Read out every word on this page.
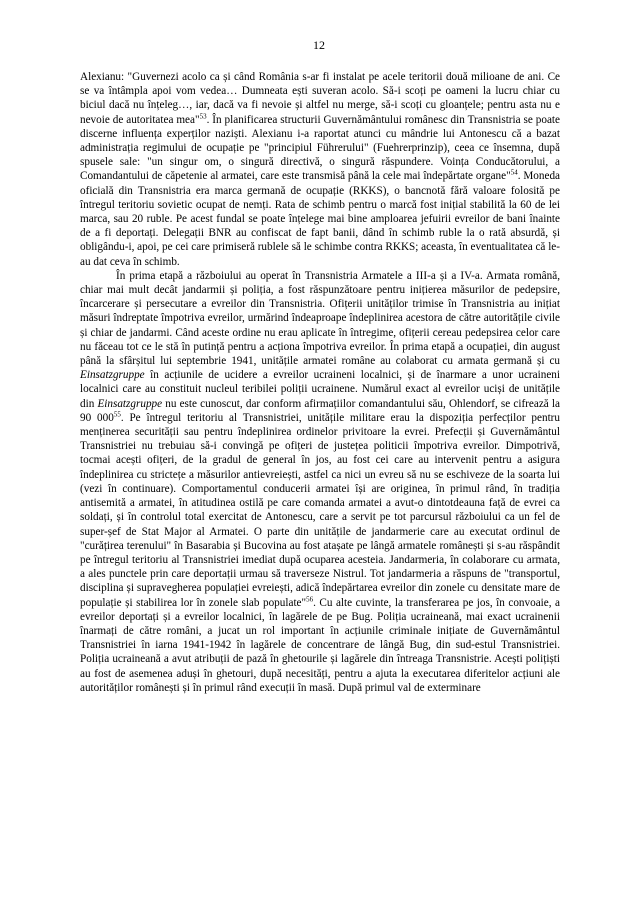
12

Alexianu: "Guvernezi acolo ca și când România s-ar fi instalat pe acele teritorii două milioane de ani. Ce se va întâmpla apoi vom vedea… Dumneata ești suveran acolo. Să-i scoți pe oameni la lucru chiar cu biciul dacă nu înțeleg…, iar, dacă va fi nevoie și altfel nu merge, să-i scoți cu gloanțele; pentru asta nu e nevoie de autoritatea mea"$^{53}$. În planificarea structurii Guvernământului românesc din Transnistria se poate discerne influența experților naziști. Alexianu i-a raportat atunci cu mândrie lui Antonescu că a bazat administrația regimului de ocupație pe "principiul Führerului" (Fuehrerprinzip), ceea ce însemna, după spusele sale: "un singur om, o singură directivă, o singură răspundere. Voința Conducătorului, a Comandantului de căpetenie al armatei, care este transmisă până la cele mai îndepărtate organe"$^{54}$. Moneda oficială din Transnistria era marca germană de ocupație (RKKS), o bancnotă fără valoare folosită pe întregul teritoriu sovietic ocupat de nemți. Rata de schimb pentru o marcă fost inițial stabilită la 60 de lei marca, sau 20 ruble. Pe acest fundal se poate înțelege mai bine amploarea jefuirii evreilor de bani înainte de a fi deportați. Delegații BNR au confiscat de fapt banii, dând în schimb ruble la o rată absurdă, și obligându-i, apoi, pe cei care primiseră rublele să le schimbe contra RKKS; aceasta, în eventualitatea că le-au dat ceva în schimb.

În prima etapă a războiului au operat în Transnistria Armatele a III-a și a IV-a. Armata română, chiar mai mult decât jandarmii și poliția, a fost răspunzătoare pentru inițierea măsurilor de pedepsire, încarcerare și persecutare a evreilor din Transnistria. Ofițerii unităților trimise în Transnistria au inițiat măsuri îndreptate împotriva evreilor, urmărind îndeaproape îndeplinirea acestora de către autoritățile civile și chiar de jandarmi. Când aceste ordine nu erau aplicate în întregime, ofițerii cereau pedepsirea celor care nu făceau tot ce le stă în putință pentru a acționa împotriva evreilor. În prima etapă a ocupației, din august până la sfârșitul lui septembrie 1941, unitățile armatei române au colaborat cu armata germană și cu Einsatzgruppe în acțiunile de ucidere a evreilor ucraineni localnici, și de înarmare a unor ucraineni localnici care au constituit nucleul teribilei poliții ucrainene. Numărul exact al evreilor uciși de unitățile din Einsatzgruppe nu este cunoscut, dar conform afirmațiilor comandantului său, Ohlendorf, se cifrează la 90 $000^{55}$. Pe întregul teritoriu al Transnistriei, unitățile militare erau la dispoziția perfecților pentru menținerea securității sau pentru îndeplinirea ordinelor privitoare la evrei. Prefecții și Guvernământul Transnistriei nu trebuiau să-i convingă pe ofițeri de justețea politicii împotriva evreilor. Dimpotrivă, tocmai acești ofițeri, de la gradul de general în jos, au fost cei care au intervenit pentru a asigura îndeplinirea cu strictețe a măsurilor antievreiești, astfel ca nici un evreu să nu se eschiveze de la soarta lui (vezi în continuare). Comportamentul conducerii armatei își are originea, în primul rând, în tradiția antisemită a armatei, în atitudinea ostilă pe care comanda armatei a avut-o dintotdeauna față de evrei ca soldați, și în controlul total exercitat de Antonescu, care a servit pe tot parcursul războiului ca un fel de super-șef de Stat Major al Armatei. O parte din unitățile de jandarmerie care au executat ordinul de "curățirea terenului" în Basarabia și Bucovina au fost atașate pe lângă armatele românești și s-au răspândit pe întregul teritoriu al Transnistriei imediat după ocuparea acesteia. Jandarmeria, în colaborare cu armata, a ales punctele prin care deportații urmau să traverseze Nistrul. Tot jandarmeria a răspuns de "transportul, disciplina și supravegherea populației evreiești, adică îndepărtarea evreilor din zonele cu densitate mare de populație și stabilirea lor în zonele slab populate"$^{56}$. Cu alte cuvinte, la transferarea pe jos, în convoaie, a evreilor deportați și a evreilor localnici, în lagărele de pe Bug. Poliția ucraineană, mai exact ucrainenii înarmați de către români, a jucat un rol important în acțiunile criminale inițiate de Guvernământul Transnistriei în iarna 1941-1942 în lagărele de concentrare de lângă Bug, din sud-estul Transnistriei. Poliția ucraineană a avut atribuții de pază în ghetourile și lagărele din întreaga Transnistrie. Acești polițiști au fost de asemenea aduși în ghetouri, după necesități, pentru a ajuta la executarea diferitelor acțiuni ale autorităților românești și în primul rând execuții în masă. După primul val de exterminare
